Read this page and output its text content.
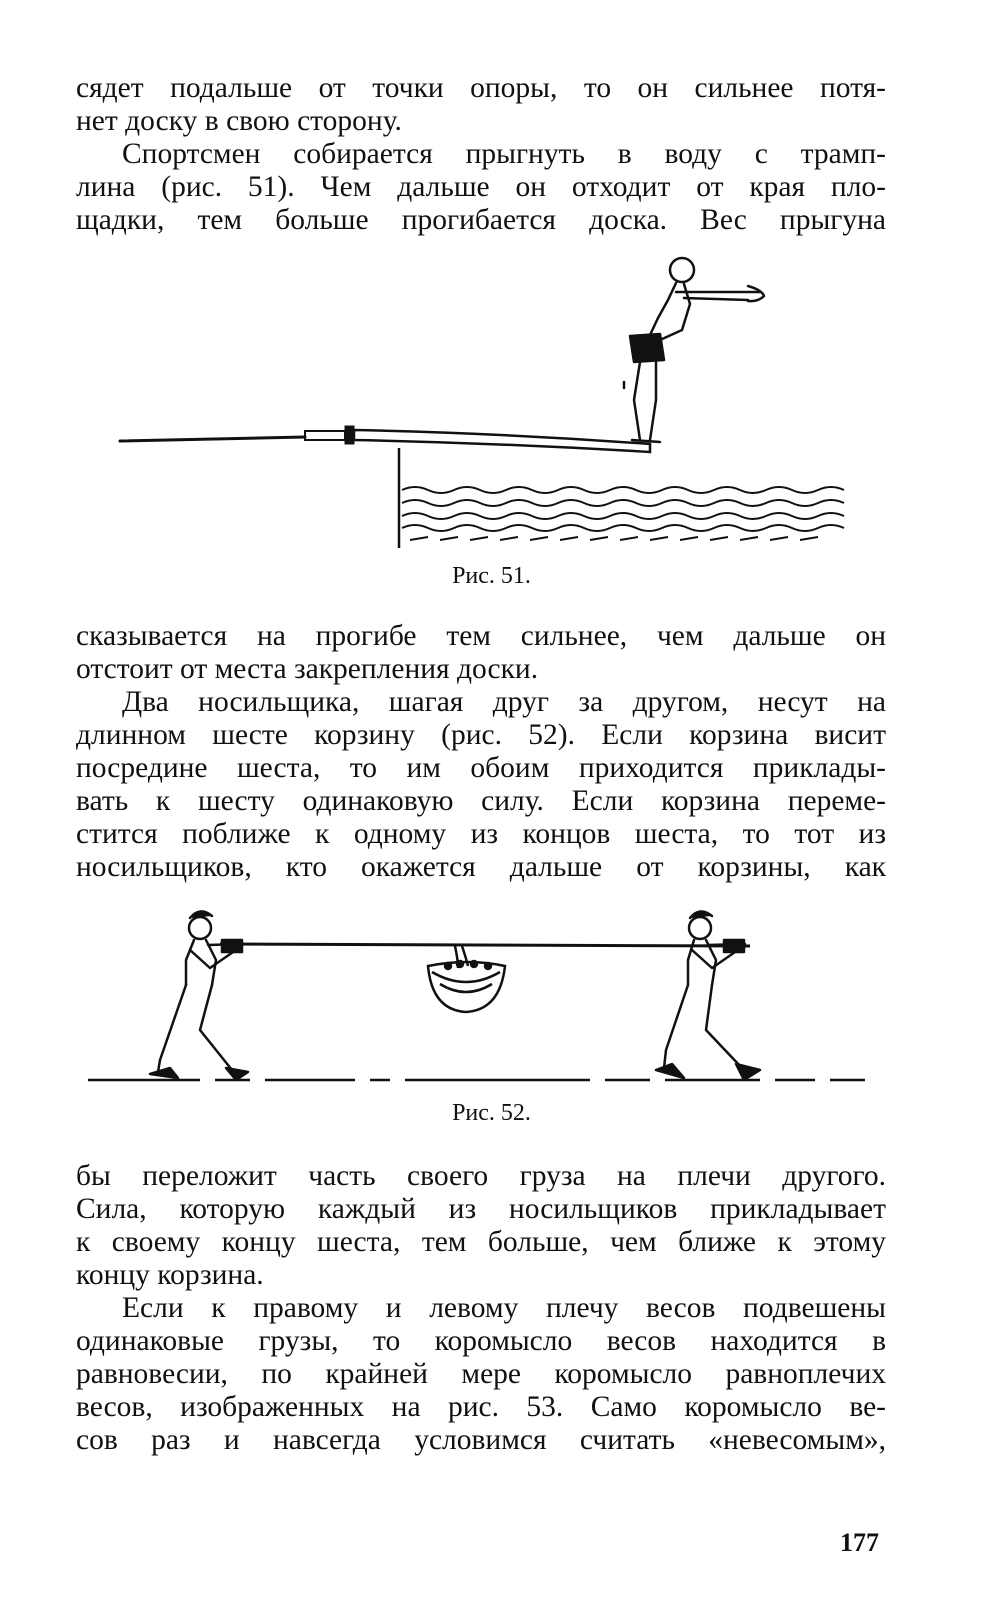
сядет подальше от точки опоры, то он сильнее потя-
нет доску в свою сторону.
Спортсмен собирается прыгнуть в воду с трамп-
лина (рис. 51). Чем дальше он отходит от края пло-
щадки, тем больше прогибается доска. Вес прыгуна

Рис. 51.

сказывается на прогибе тем сильнее, чем дальше он
отстоит от места закрепления доски.
Два носильщика, шагая друг за другом, несут на
длинном шесте корзину (рис. 52). Если корзина висит
посредине шеста, то им обоим приходится приклады-
вать к шесту одинаковую силу. Если корзина переме-
стится поближе к одному из концов шеста, то тот из
носильщиков, кто окажется дальше от корзины, как

Рис. 52.

бы переложит часть своего груза на плечи другого.
Сила, которую каждый из носильщиков прикладывает
к своему концу шеста, тем больше, чем ближе к этому
концу корзина.
Если к правому и левому плечу весов подвешены
одинаковые грузы, то коромысло весов находится в
равновесии, по крайней мере коромысло равноплечих
весов, изображенных на рис. 53. Само коромысло ве-
сов раз и навсегда условимся считать «невесомым»,

177
